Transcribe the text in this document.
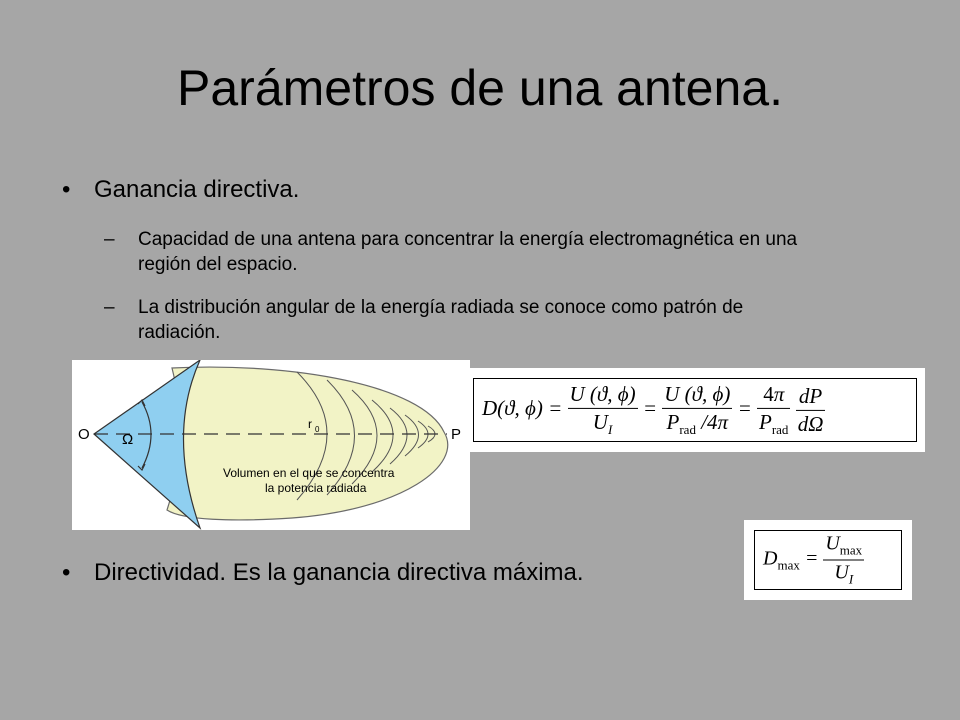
Parámetros de una antena.
• Ganancia directiva.
–	Capacidad de una antena para concentrar la energía electromagnética en una región del espacio.
–	La distribución angular de la energía radiada se conoce como patrón de radiación.
O Ω
r 0	P
Volumen en el que se concentra
la potencia radiada
D(ϑ, $\phi) = \frac{U (ϑ, \phi)}{U_I} = \frac{U (ϑ, \phi)}{P_{rad} /4\pi} = \frac{4\pi}{P_{rad}}$
$\frac{dP}{d\Omega}$
• Directividad. Es la ganancia directiva máxima.
$D_{max} = \frac{U_{max}}{U_I}$
